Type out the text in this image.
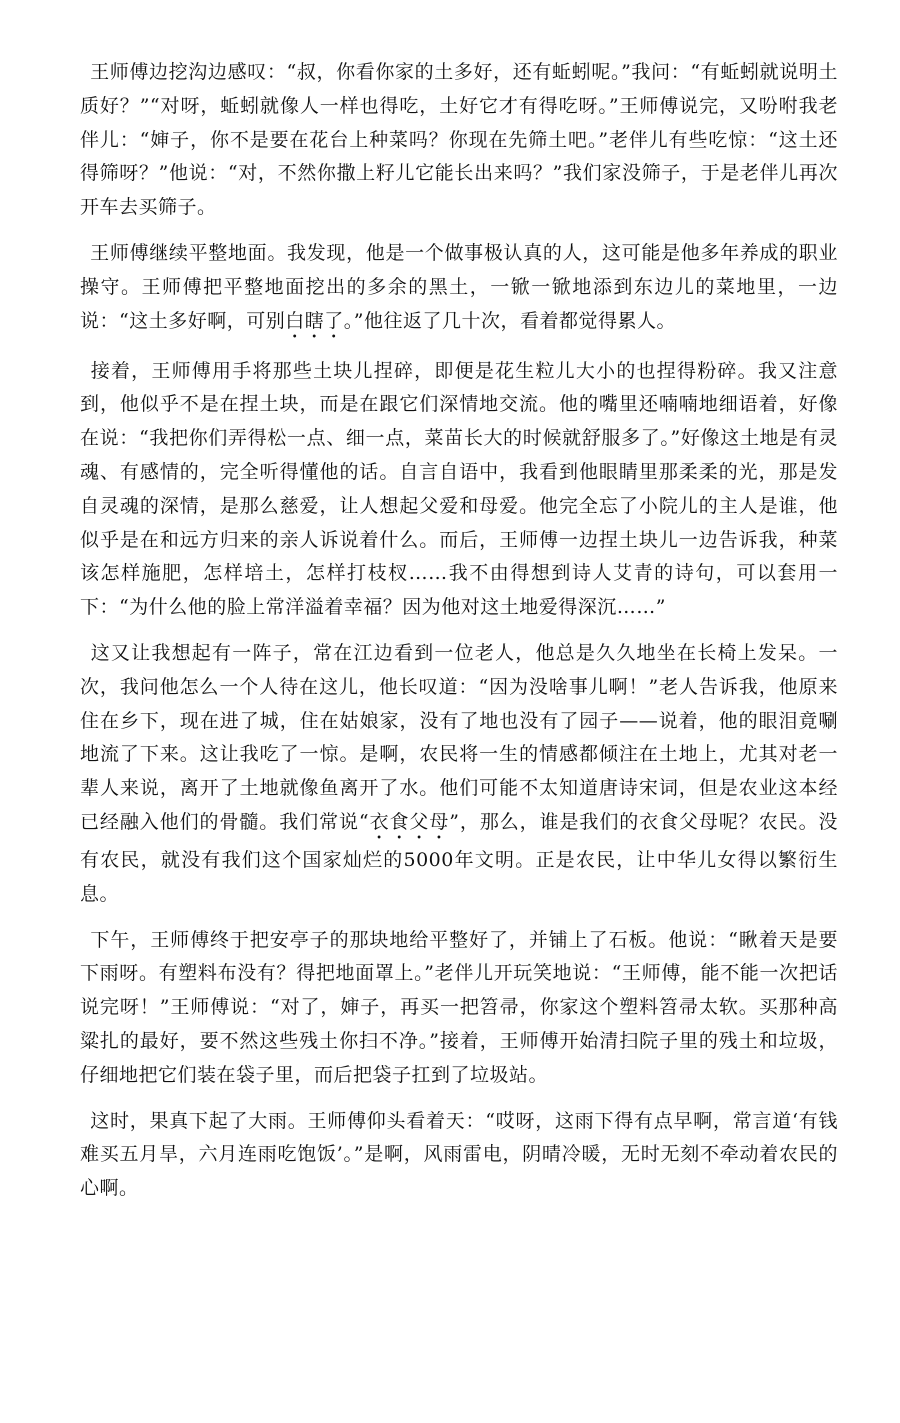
王师傅边挖沟边感叹：“叔，你看你家的土多好，还有蚯蚓呢。”我问：“有蚯蚓就说明土质好？”“对呀，蚯蚓就像人一样也得吃，土好它才有得吃呀。”王师傅说完，又吩咐我老伴儿：“婶子，你不是要在花台上种菜吗？你现在先筛土吧。”老伴儿有些吃惊：“这土还得筛呀？”他说：“对，不然你撒上籽儿它能长出来吗？”我们家没筛子，于是老伴儿再次开车去买筛子。

王师傅继续平整地面。我发现，他是一个做事极认真的人，这可能是他多年养成的职业操守。王师傅把平整地面挖出的多余的黑土，一锨一锨地添到东边儿的菜地里，一边说：“这土多好啊，可别白瞎了。”他往返了几十次，看着都觉得累人。

接着，王师傅用手将那些土块儿捏碎，即便是花生粒儿大小的也捏得粉碎。我又注意到，他似乎不是在捏土块，而是在跟它们深情地交流。他的嘴里还喃喃地细语着，好像在说：“我把你们弄得松一点、细一点，菜苗长大的时候就舒服多了。”好像这土地是有灵魂、有感情的，完全听得懂他的话。自言自语中，我看到他眼睛里那柔柔的光，那是发自灵魂的深情，是那么慈爱，让人想起父爱和母爱。他完全忘了小院儿的主人是谁，他似乎是在和远方归来的亲人诉说着什么。而后，王师傅一边捏土块儿一边告诉我，种菜该怎样施肥，怎样培土，怎样打枝杈……我不由得想到诗人艾青的诗句，可以套用一下：“为什么他的脸上常洋溢着幸福？因为他对这土地爱得深沉……”

这又让我想起有一阵子，常在江边看到一位老人，他总是久久地坐在长椅上发呆。一次，我问他怎么一个人待在这儿，他长叹道：“因为没啥事儿啊！”老人告诉我，他原来住在乡下，现在进了城，住在姑娘家，没有了地也没有了园子——说着，他的眼泪竟唰地流了下来。这让我吃了一惊。是啊，农民将一生的情感都倾注在土地上，尤其对老一辈人来说，离开了土地就像鱼离开了水。他们可能不太知道唐诗宋词，但是农业这本经已经融入他们的骨髓。我们常说“衣食父母”，那么，谁是我们的衣食父母呢？农民。没有农民，就没有我们这个国家灿烂的5000年文明。正是农民，让中华儿女得以繁衍生息。

下午，王师傅终于把安亭子的那块地给平整好了，并铺上了石板。他说：“瞅着天是要下雨呀。有塑料布没有？得把地面罩上。”老伴儿开玩笑地说：“王师傅，能不能一次把话说完呀！”王师傅说：“对了，婶子，再买一把笤帚，你家这个塑料笤帚太软。买那种高粱扎的最好，要不然这些残土你扫不净。”接着，王师傅开始清扫院子里的残土和垃圾，仔细地把它们装在袋子里，而后把袋子扛到了垃圾站。

这时，果真下起了大雨。王师傅仰头看着天：“哎呀，这雨下得有点早啊，常言道‘有钱难买五月旱，六月连雨吃饱饭’。”是啊，风雨雷电，阴晴冷暖，无时无刻不牵动着农民的心啊。
